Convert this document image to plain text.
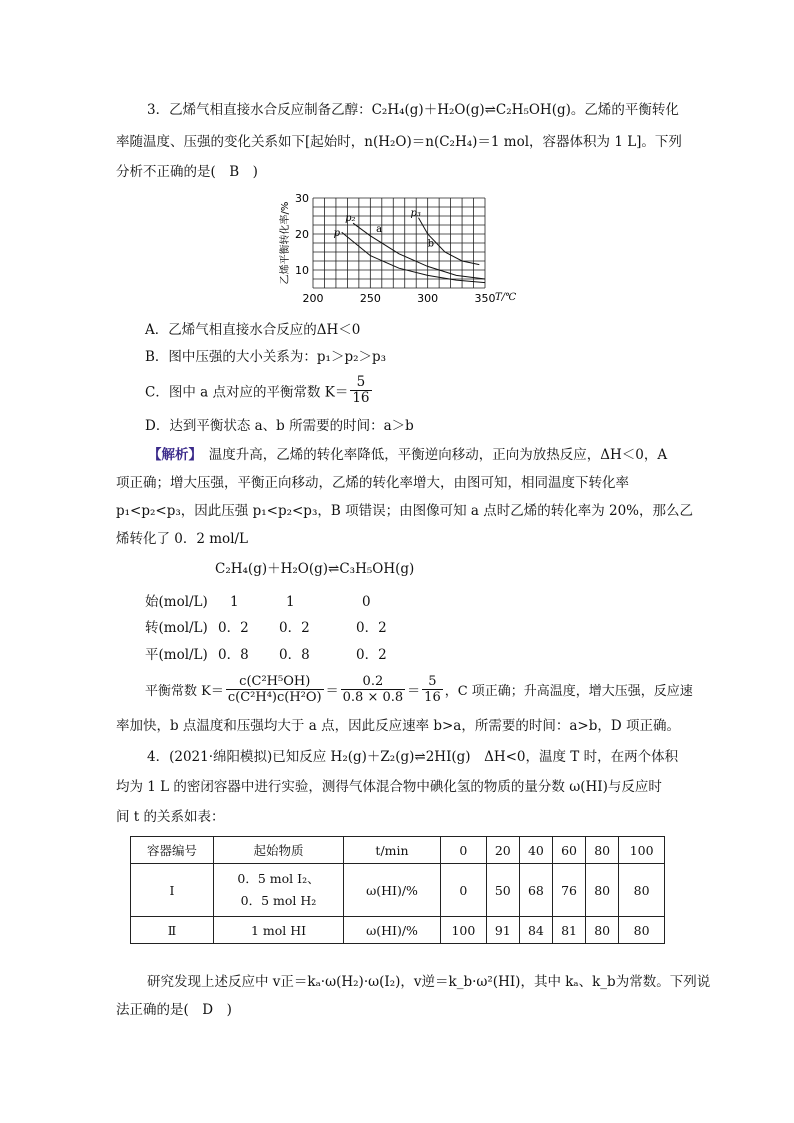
3．乙烯气相直接水合反应制备乙醇：C₂H₄(g)＋H₂O(g)⇌C₂H₅OH(g)。乙烯的平衡转化
率随温度、压强的变化关系如下[起始时，n(H₂O)＝n(C₂H₄)＝1 mol，容器体积为 1 L]。下列
分析不正确的是(　B　)
200	250	300	350
10
20
30
T/℃
乙烯平衡转化率/%	p
p₂	p₃
a
b
A．乙烯气相直接水合反应的ΔH＜0
B．图中压强的大小关系为：p₁＞p₂＞p₃
C．图中 a 点对应的平衡常数 $K= \frac{5}{16}$
D．达到平衡状态 a、b 所需要的时间：a＞b
【解析】　 温度升高，乙烯的转化率降低，平衡逆向移动，正向为放热反应，ΔH＜0，A
项正确；增大压强，平衡正向移动，乙烯的转化率增大，由图可知，相同温度下转化率
p₁<p₂<p₃，因此压强 p₁<p₂<p₃，B 项错误；由图像可知 a 点时乙烯的转化率为 20%，那么乙
烯转化了 0．2 mol/L
C₂H₄(g)＋H₂O(g)⇌C₃H₅OH(g)
始(mol/L) 1	1	0
转(mol/L) 0．2 0．2	0．2
平(mol/L) 0．8 0．8	0．2
平衡常数 $K= \frac{\text{c(C²H⁵OH)}}{\text{c(C²H⁴)c(H²O)}} = \frac{0.2}{0.8 \times 0.8} = \frac{5}{16}$ ，C 项正确；升高温度，增大压强，反应速
率加快，b 点温度和压强均大于 a 点，因此反应速率 b>a，所需要的时间：a>b，D 项正确。
4．(2021·绵阳模拟)已知反应 H₂(g)＋Z₂(g)⇌2HI(g)　ΔH<0，温度 T 时，在两个体积
均为 1 L 的密闭容器中进行实验，测得气体混合物中碘化氢的物质的量分数 ω(HI)与反应时
间 t 的关系如表：
容器编号	起始物质	t/min	0	20	40	60	80	100
Ⅰ	0．5 mol I₂、
0．5 mol H₂	ω(HI)/%	0	50	68	76	80	80
Ⅱ	1 mol HI	ω(HI)/%	100	91	84	81	80	80
研究发现上述反应中 v正＝kₐ·ω(H₂)·ω(I₂)，v逆＝k_b·ω²(HI)，其中 kₐ、k_b为常数。下列说
法正确的是(　D　)
